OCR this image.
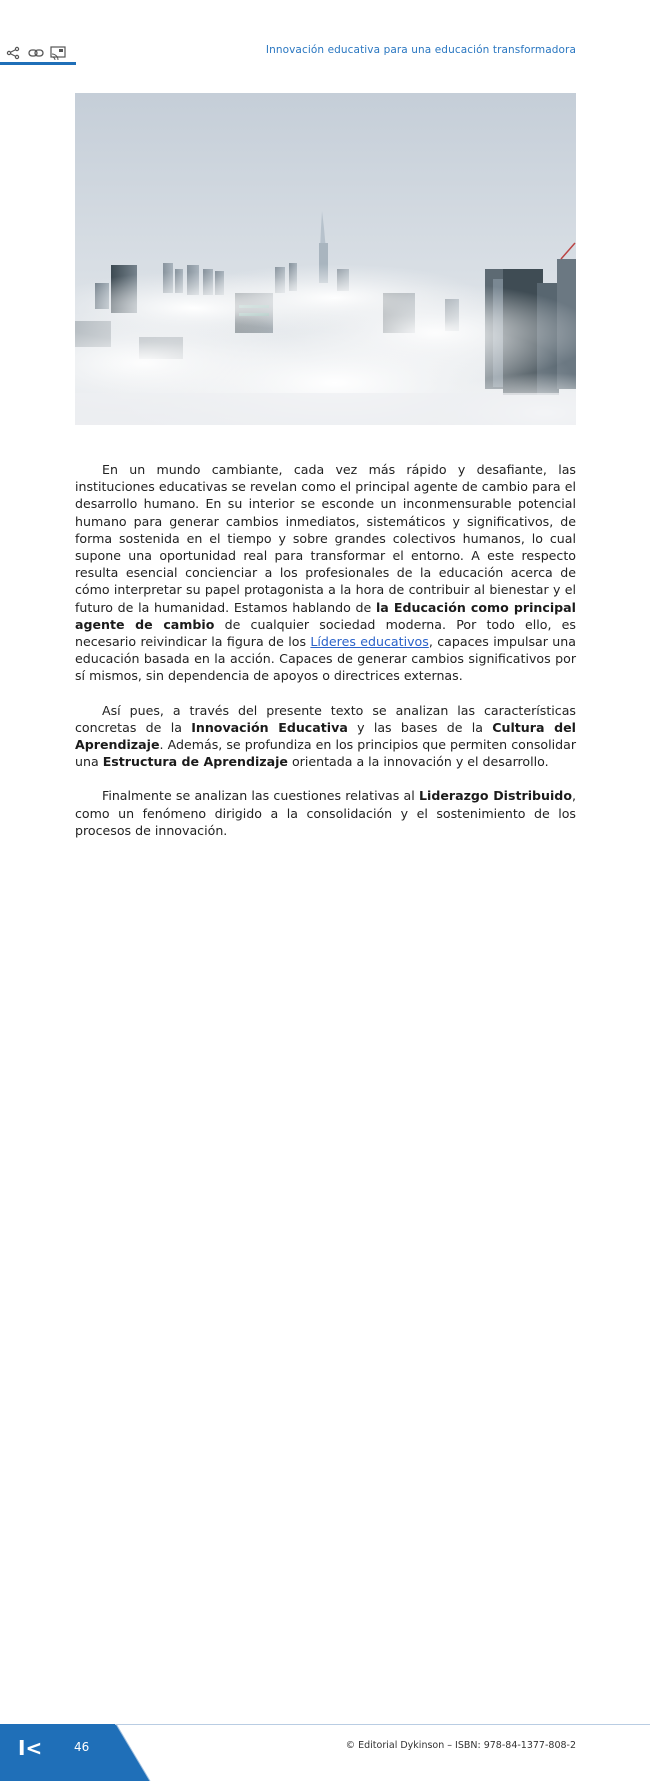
Innovación educativa para una educación transformadora

En un mundo cambiante, cada vez más rápido y desafiante, las instituciones educativas se revelan como el principal agente de cambio para el desarrollo humano. En su interior se esconde un inconmensurable potencial humano para generar cambios inmediatos, sistemáticos y significativos, de forma sostenida en el tiempo y sobre grandes colectivos humanos, lo cual supone una oportunidad real para transformar el entorno. A este respecto resulta esencial concienciar a los profesionales de la educación acerca de cómo interpretar su papel protagonista a la hora de contribuir al bienestar y el futuro de la humanidad. Estamos hablando de la Educación como principal agente de cambio de cualquier sociedad moderna. Por todo ello, es necesario reivindicar la figura de los Líderes educativos, capaces impulsar una educación basada en la acción. Capaces de generar cambios significativos por sí mismos, sin dependencia de apoyos o directrices externas.

Así pues, a través del presente texto se analizan las características concretas de la Innovación Educativa y las bases de la Cultura del Aprendizaje. Además, se profundiza en los principios que permiten consolidar una Estructura de Aprendizaje orientada a la innovación y el desarrollo.

Finalmente se analizan las cuestiones relativas al Liderazgo Distribuido, como un fenómeno dirigido a la consolidación y el sostenimiento de los procesos de innovación.

I<	46	© Editorial Dykinson – ISBN: 978-84-1377-808-2
